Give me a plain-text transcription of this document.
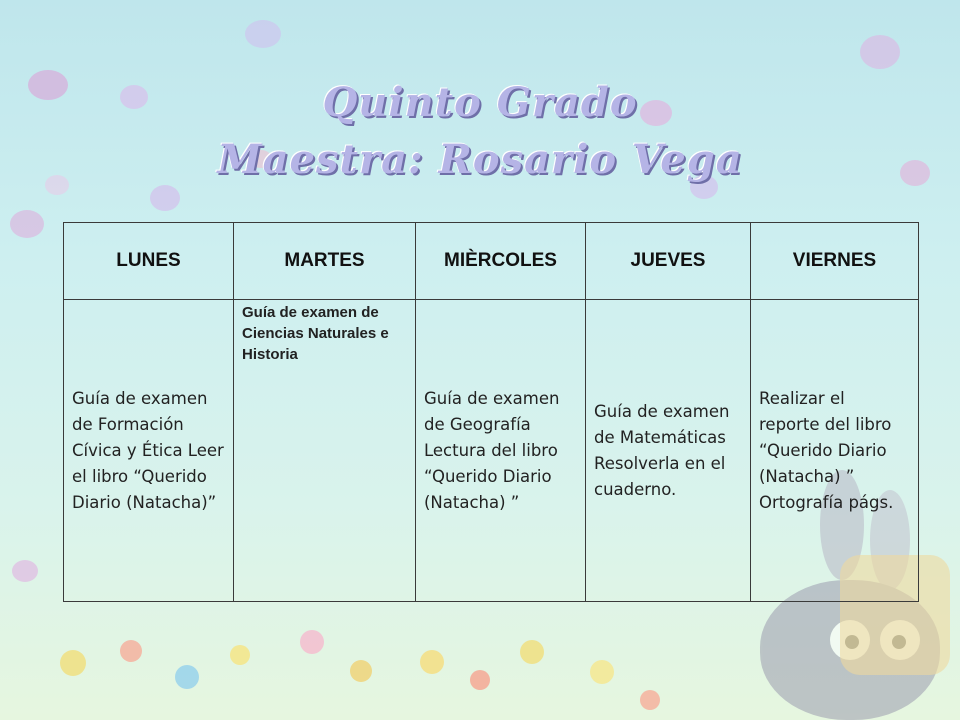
Quinto Grado
Maestra: Rosario Vega
LUNES	MARTES	MIÈRCOLES	JUEVES	VIERNES
Guía de examen de Formación Cívica y Ética Leer el libro “Querido Diario (Natacha)”	Guía de examen de Ciencias Naturales e Historia	Guía de examen de Geografía Lectura del libro “Querido Diario (Natacha) ”	Guía de examen de Matemáticas Resolverla en el cuaderno.	Realizar el reporte del libro “Querido Diario (Natacha) ” Ortografía págs.
